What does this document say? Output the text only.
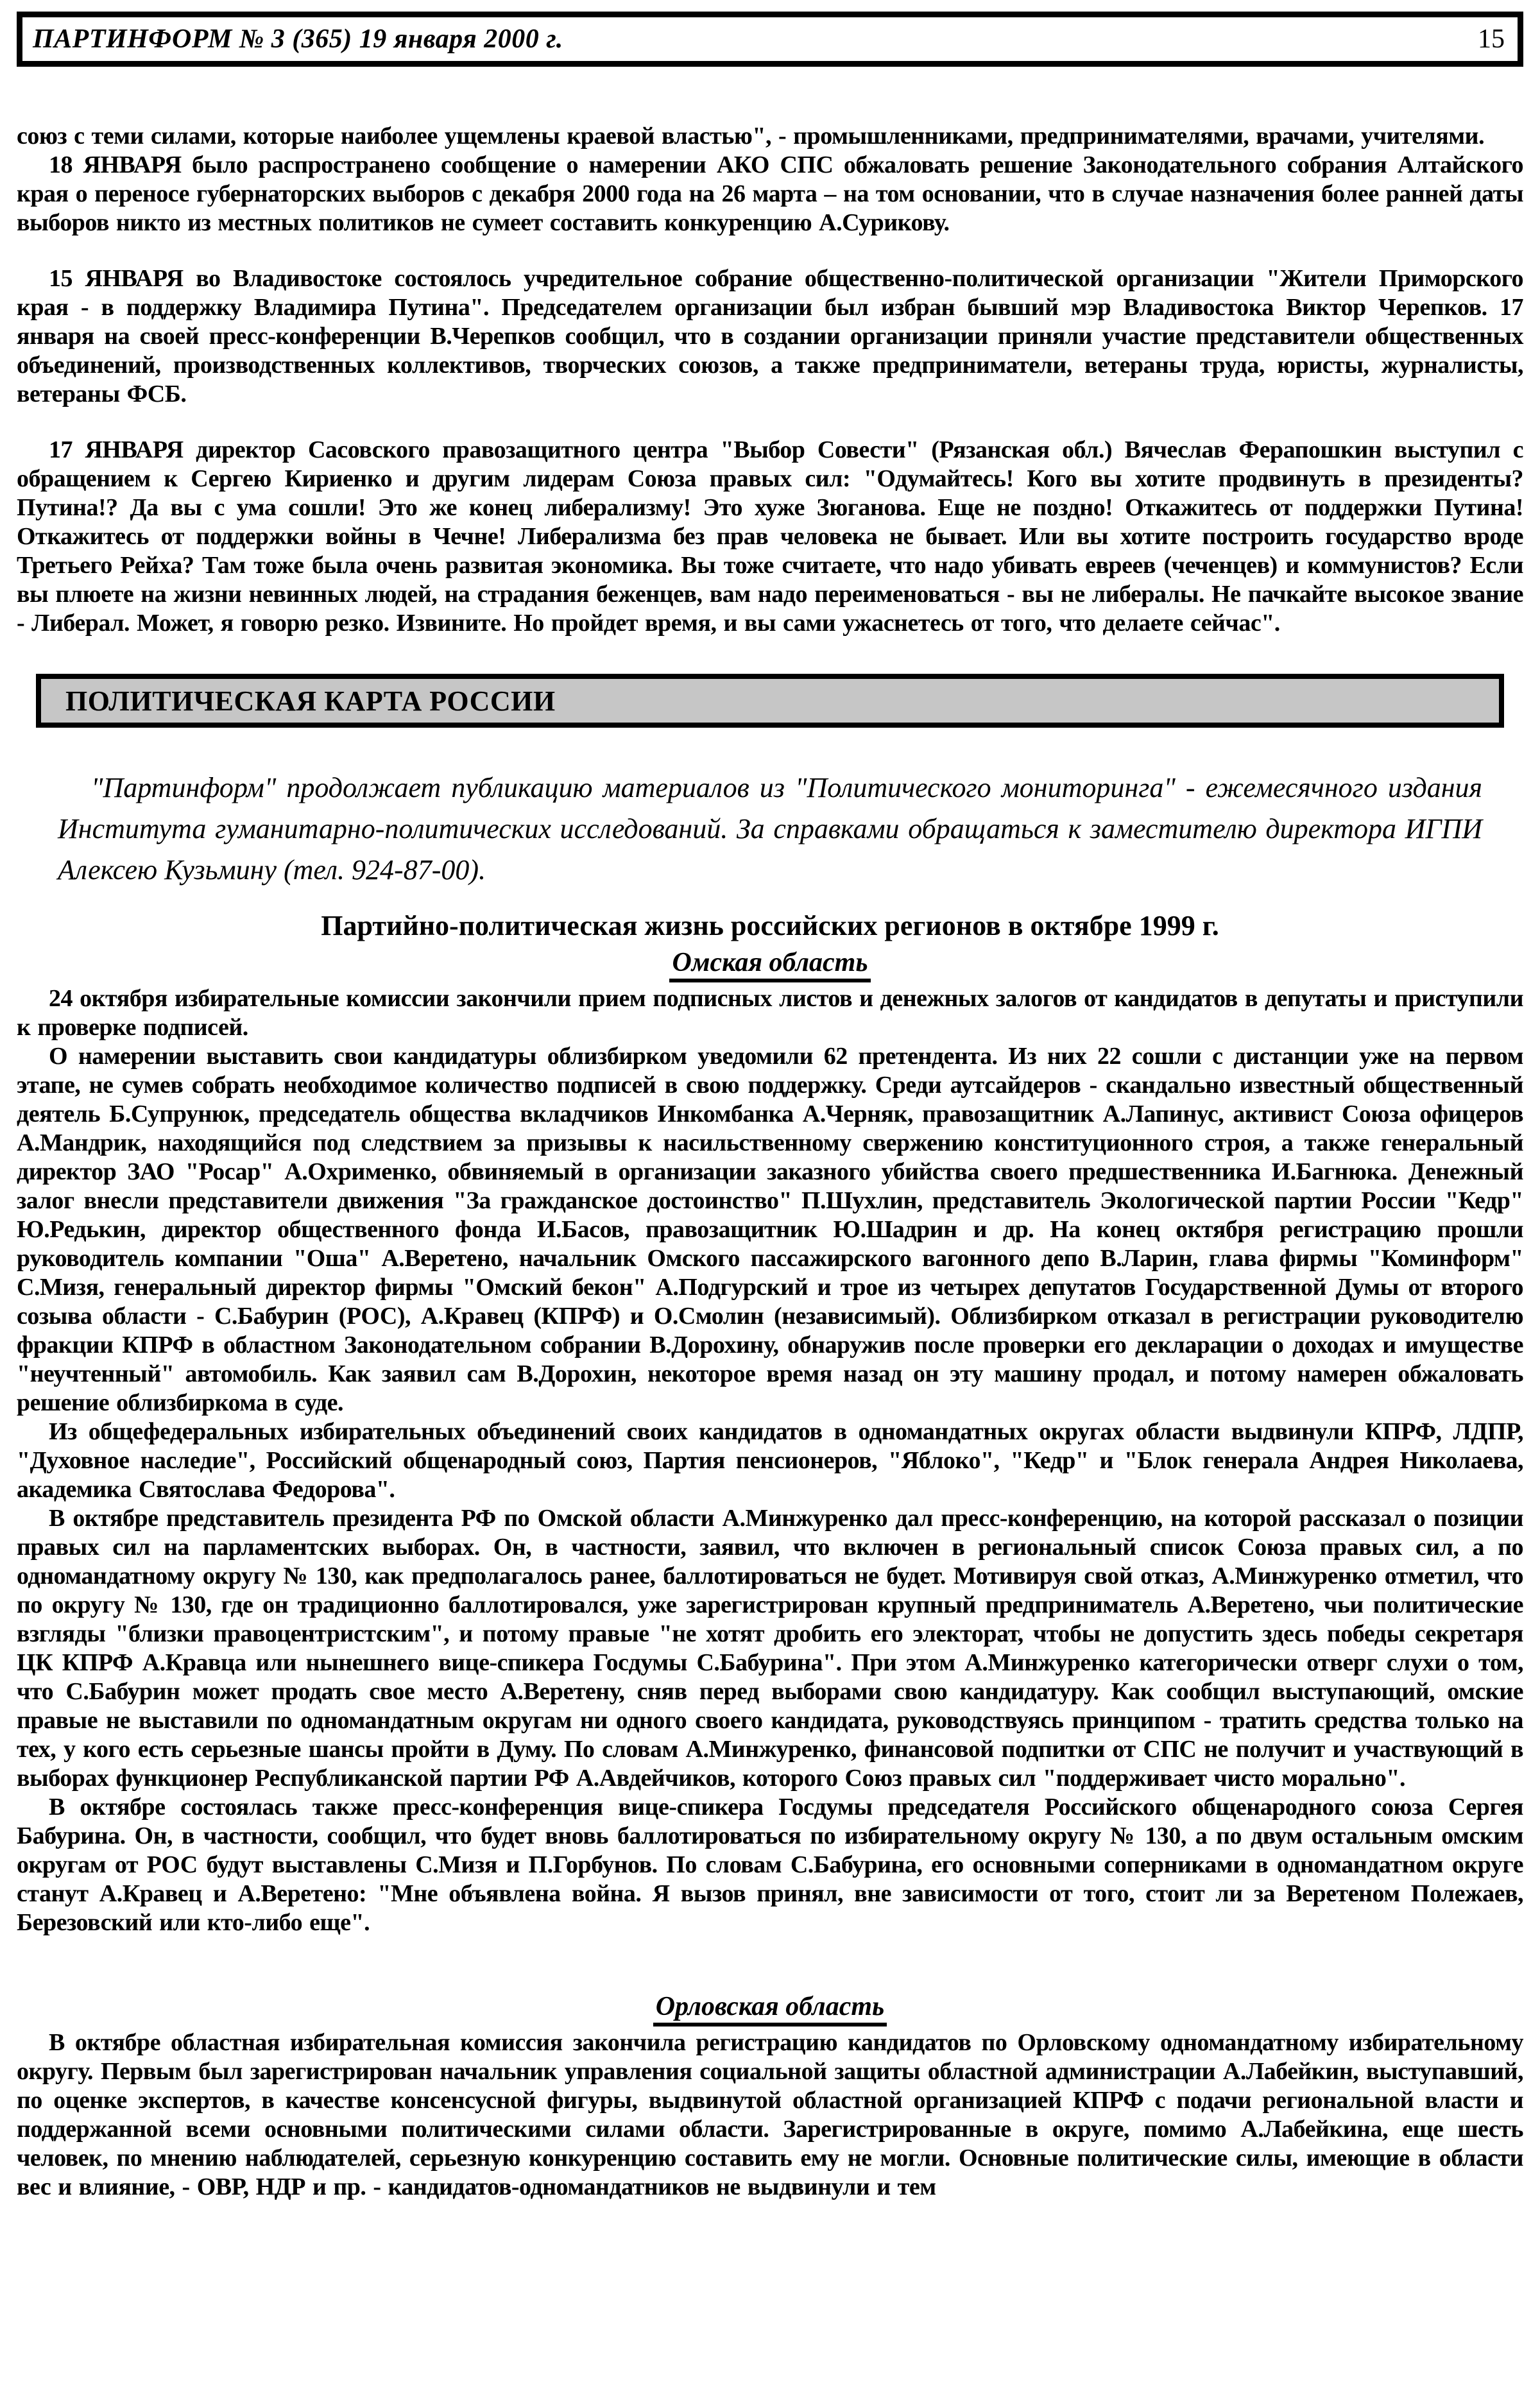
ПАРТИНФОРМ № 3 (365) 19 января 2000 г.	15

союз с теми силами, которые наиболее ущемлены краевой властью", - промышленниками, предпринимателями, врачами, учителями.

18 ЯНВАРЯ было распространено сообщение о намерении АКО СПС обжаловать решение Законодательного собрания Алтайского края о переносе губернаторских выборов с декабря 2000 года на 26 марта – на том основании, что в случае назначения более ранней даты выборов никто из местных политиков не сумеет составить конкуренцию А.Сурикову.

15 ЯНВАРЯ во Владивостоке состоялось учредительное собрание общественно-политической организации "Жители Приморского края - в поддержку Владимира Путина". Председателем организации был избран бывший мэр Владивостока Виктор Черепков. 17 января на своей пресс-конференции В.Черепков сообщил, что в создании организации приняли участие представители общественных объединений, производственных коллективов, творческих союзов, а также предприниматели, ветераны труда, юристы, журналисты, ветераны ФСБ.

17 ЯНВАРЯ директор Сасовского правозащитного центра "Выбор Совести" (Рязанская обл.) Вячеслав Ферапошкин выступил с обращением к Сергею Кириенко и другим лидерам Союза правых сил: "Одумайтесь! Кого вы хотите продвинуть в президенты? Путина!? Да вы с ума сошли! Это же конец либерализму! Это хуже Зюганова. Еще не поздно! Откажитесь от поддержки Путина! Откажитесь от поддержки войны в Чечне! Либерализма без прав человека не бывает. Или вы хотите построить государство вроде Третьего Рейха? Там тоже была очень развитая экономика. Вы тоже считаете, что надо убивать евреев (чеченцев) и коммунистов? Если вы плюете на жизни невинных людей, на страдания беженцев, вам надо переименоваться - вы не либералы. Не пачкайте высокое звание - Либерал. Может, я говорю резко. Извините. Но пройдет время, и вы сами ужаснетесь от того, что делаете сейчас".

ПОЛИТИЧЕСКАЯ КАРТА РОССИИ

"Партинформ" продолжает публикацию материалов из "Политического мониторинга" - ежемесячного издания Института гуманитарно-политических исследований. За справками обращаться к заместителю директора ИГПИ Алексею Кузьмину (тел. 924-87-00).

Партийно-политическая жизнь российских регионов в октябре 1999 г.
Омская область

24 октября избирательные комиссии закончили прием подписных листов и денежных залогов от кандидатов в депутаты и приступили к проверке подписей.

О намерении выставить свои кандидатуры облизбирком уведомили 62 претендента. Из них 22 сошли с дистанции уже на первом этапе, не сумев собрать необходимое количество подписей в свою поддержку. Среди аутсайдеров - скандально известный общественный деятель Б.Супрунюк, председатель общества вкладчиков Инкомбанка А.Черняк, правозащитник А.Лапинус, активист Союза офицеров А.Мандрик, находящийся под следствием за призывы к насильственному свержению конституционного строя, а также генеральный директор ЗАО "Росар" А.Охрименко, обвиняемый в организации заказного убийства своего предшественника И.Багнюка. Денежный залог внесли представители движения "За гражданское достоинство" П.Шухлин, представитель Экологической партии России "Кедр" Ю.Редькин, директор общественного фонда И.Басов, правозащитник Ю.Шадрин и др. На конец октября регистрацию прошли руководитель компании "Оша" А.Веретено, начальник Омского пассажирского вагонного депо В.Ларин, глава фирмы "Коминформ" С.Мизя, генеральный директор фирмы "Омский бекон" А.Подгурский и трое из четырех депутатов Государственной Думы от второго созыва области - С.Бабурин (РОС), А.Кравец (КПРФ) и О.Смолин (независимый). Облизбирком отказал в регистрации руководителю фракции КПРФ в областном Законодательном собрании В.Дорохину, обнаружив после проверки его декларации о доходах и имуществе "неучтенный" автомобиль. Как заявил сам В.Дорохин, некоторое время назад он эту машину продал, и потому намерен обжаловать решение облизбиркома в суде.

Из общефедеральных избирательных объединений своих кандидатов в одномандатных округах области выдвинули КПРФ, ЛДПР, "Духовное наследие", Российский общенародный союз, Партия пенсионеров, "Яблоко", "Кедр" и "Блок генерала Андрея Николаева, академика Святослава Федорова".

В октябре представитель президента РФ по Омской области А.Минжуренко дал пресс-конференцию, на которой рассказал о позиции правых сил на парламентских выборах. Он, в частности, заявил, что включен в региональный список Союза правых сил, а по одномандатному округу № 130, как предполагалось ранее, баллотироваться не будет. Мотивируя свой отказ, А.Минжуренко отметил, что по округу № 130, где он традиционно баллотировался, уже зарегистрирован крупный предприниматель А.Веретено, чьи политические взгляды "близки правоцентристским", и потому правые "не хотят дробить его электорат, чтобы не допустить здесь победы секретаря ЦК КПРФ А.Кравца или нынешнего вице-спикера Госдумы С.Бабурина". При этом А.Минжуренко категорически отверг слухи о том, что С.Бабурин может продать свое место А.Веретену, сняв перед выборами свою кандидатуру. Как сообщил выступающий, омские правые не выставили по одномандатным округам ни одного своего кандидата, руководствуясь принципом - тратить средства только на тех, у кого есть серьезные шансы пройти в Думу. По словам А.Минжуренко, финансовой подпитки от СПС не получит и участвующий в выборах функционер Республиканской партии РФ А.Авдейчиков, которого Союз правых сил "поддерживает чисто морально".

В октябре состоялась также пресс-конференция вице-спикера Госдумы председателя Российского общенародного союза Сергея Бабурина. Он, в частности, сообщил, что будет вновь баллотироваться по избирательному округу № 130, а по двум остальным омским округам от РОС будут выставлены С.Мизя и П.Горбунов. По словам С.Бабурина, его основными соперниками в одномандатном округе станут А.Кравец и А.Веретено: "Мне объявлена война. Я вызов принял, вне зависимости от того, стоит ли за Веретеном Полежаев, Березовский или кто-либо еще".

Орловская область

В октябре областная избирательная комиссия закончила регистрацию кандидатов по Орловскому одномандатному избирательному округу. Первым был зарегистрирован начальник управления социальной защиты областной администрации А.Лабейкин, выступавший, по оценке экспертов, в качестве консенсусной фигуры, выдвинутой областной организацией КПРФ с подачи региональной власти и поддержанной всеми основными политическими силами области. Зарегистрированные в округе, помимо А.Лабейкина, еще шесть человек, по мнению наблюдателей, серьезную конкуренцию составить ему не могли. Основные политические силы, имеющие в области вес и влияние, - ОВР, НДР и пр. - кандидатов-одномандатников не выдвинули и тем
